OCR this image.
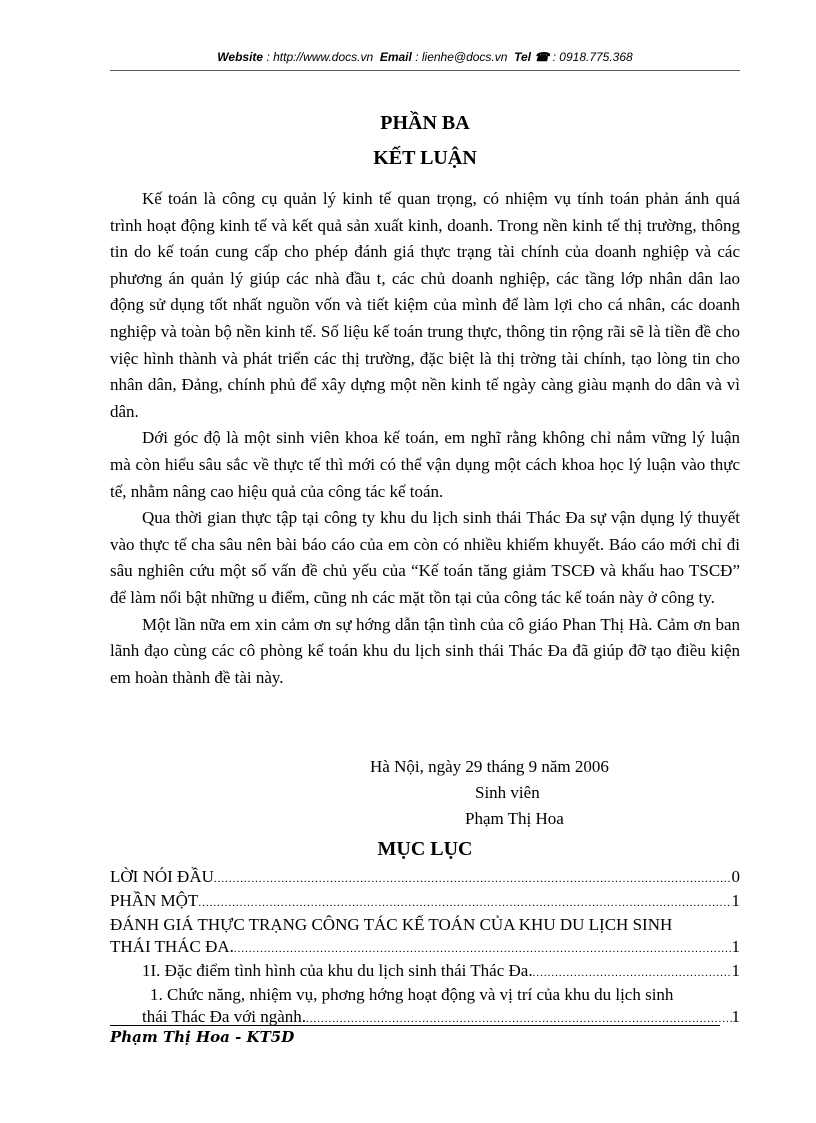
Website : http://www.docs.vn Email : lienhe@docs.vn Tel ☎ : 0918.775.368
PHẦN BA
KẾT LUẬN

Kế toán là công cụ quản lý kinh tế quan trọng, có nhiệm vụ tính toán phản ánh quá trình hoạt động kinh tế và kết quả sản xuất kinh, doanh. Trong nền kinh tế thị trường, thông tin do kế toán cung cấp cho phép đánh giá thực trạng tài chính của doanh nghiệp và các phương án quản lý giúp các nhà đầu t, các chủ doanh nghiệp, các tầng lớp nhân dân lao động sử dụng tốt nhất nguồn vốn và tiết kiệm của mình để làm lợi cho cá nhân, các doanh nghiệp và toàn bộ nền kinh tế. Số liệu kế toán trung thực, thông tin rộng rãi sẽ là tiền đề cho việc hình thành và phát triển các thị trường, đặc biệt là thị trờng tài chính, tạo lòng tin cho nhân dân, Đảng, chính phủ để xây dựng một nền kinh tế ngày càng giàu mạnh do dân và vì dân.

Dới góc độ là một sinh viên khoa kế toán, em nghĩ rằng không chỉ nắm vững lý luận mà còn hiểu sâu sắc về thực tế thì mới có thể vận dụng một cách khoa học lý luận vào thực tế, nhằm nâng cao hiệu quả của công tác kế toán.

Qua thời gian thực tập tại công ty khu du lịch sinh thái Thác Đa sự vận dụng lý thuyết vào thực tế cha sâu nên bài báo cáo của em còn có nhiều khiếm khuyết. Báo cáo mới chỉ đi sâu nghiên cứu một số vấn đề chủ yếu của “Kế toán tăng giảm TSCĐ và khấu hao TSCĐ” để làm nổi bật những u điểm, cũng nh các mặt tồn tại của công tác kế toán này ở công ty.

Một lần nữa em xin cảm ơn sự hớng dẫn tận tình của cô giáo Phan Thị Hà. Cảm ơn ban lãnh đạo cùng các cô phòng kế toán khu du lịch sinh thái Thác Đa đã giúp đỡ tạo điều kiện em hoàn thành đề tài này.

Hà Nội, ngày 29 tháng 9 năm 2006
Sinh viên
Phạm Thị Hoa
MỤC LỤC
LỜI NÓI ĐẦU .....	0
PHẦN MỘT .....	1
ĐÁNH GIÁ THỰC TRẠNG CÔNG TÁC KẾ TOÁN CỦA KHU DU LỊCH SINH
THÁI THÁC ĐA. .....	1
1I. Đặc điểm tình hình của khu du lịch sinh thái Thác Đa. .....	1
1. Chức năng, nhiệm vụ, phơng hớng hoạt động và vị trí của khu du lịch sinh
thái Thác Đa với ngành. .....	1
Phạm Thị Hoa - KT5D
